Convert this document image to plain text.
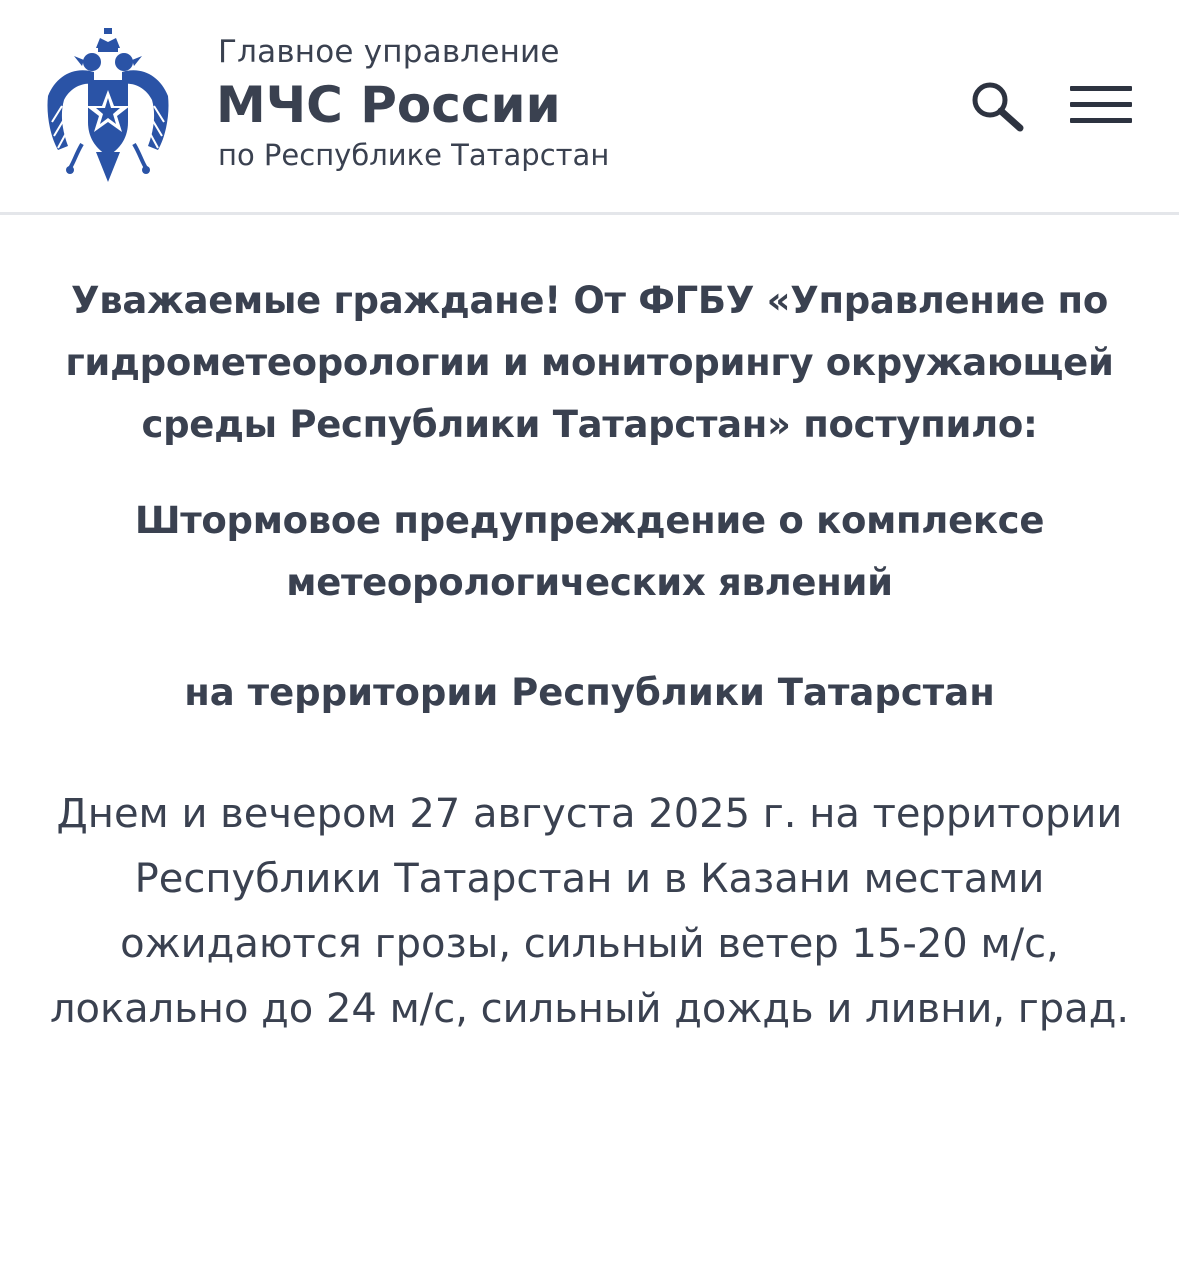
Главное управление
МЧС России
по Республике Татарстан

Уважаемые граждане! От ФГБУ «Управление по гидрометеорологии и мониторингу окружающей среды Республики Татарстан» поступило:

Штормовое предупреждение о комплексе метеорологических явлений

на территории Республики Татарстан

Днем и вечером 27 августа 2025 г. на территории Республики Татарстан и в Казани местами ожидаются грозы, сильный ветер 15-20 м/с, локально до 24 м/с, сильный дождь и ливни, град.
